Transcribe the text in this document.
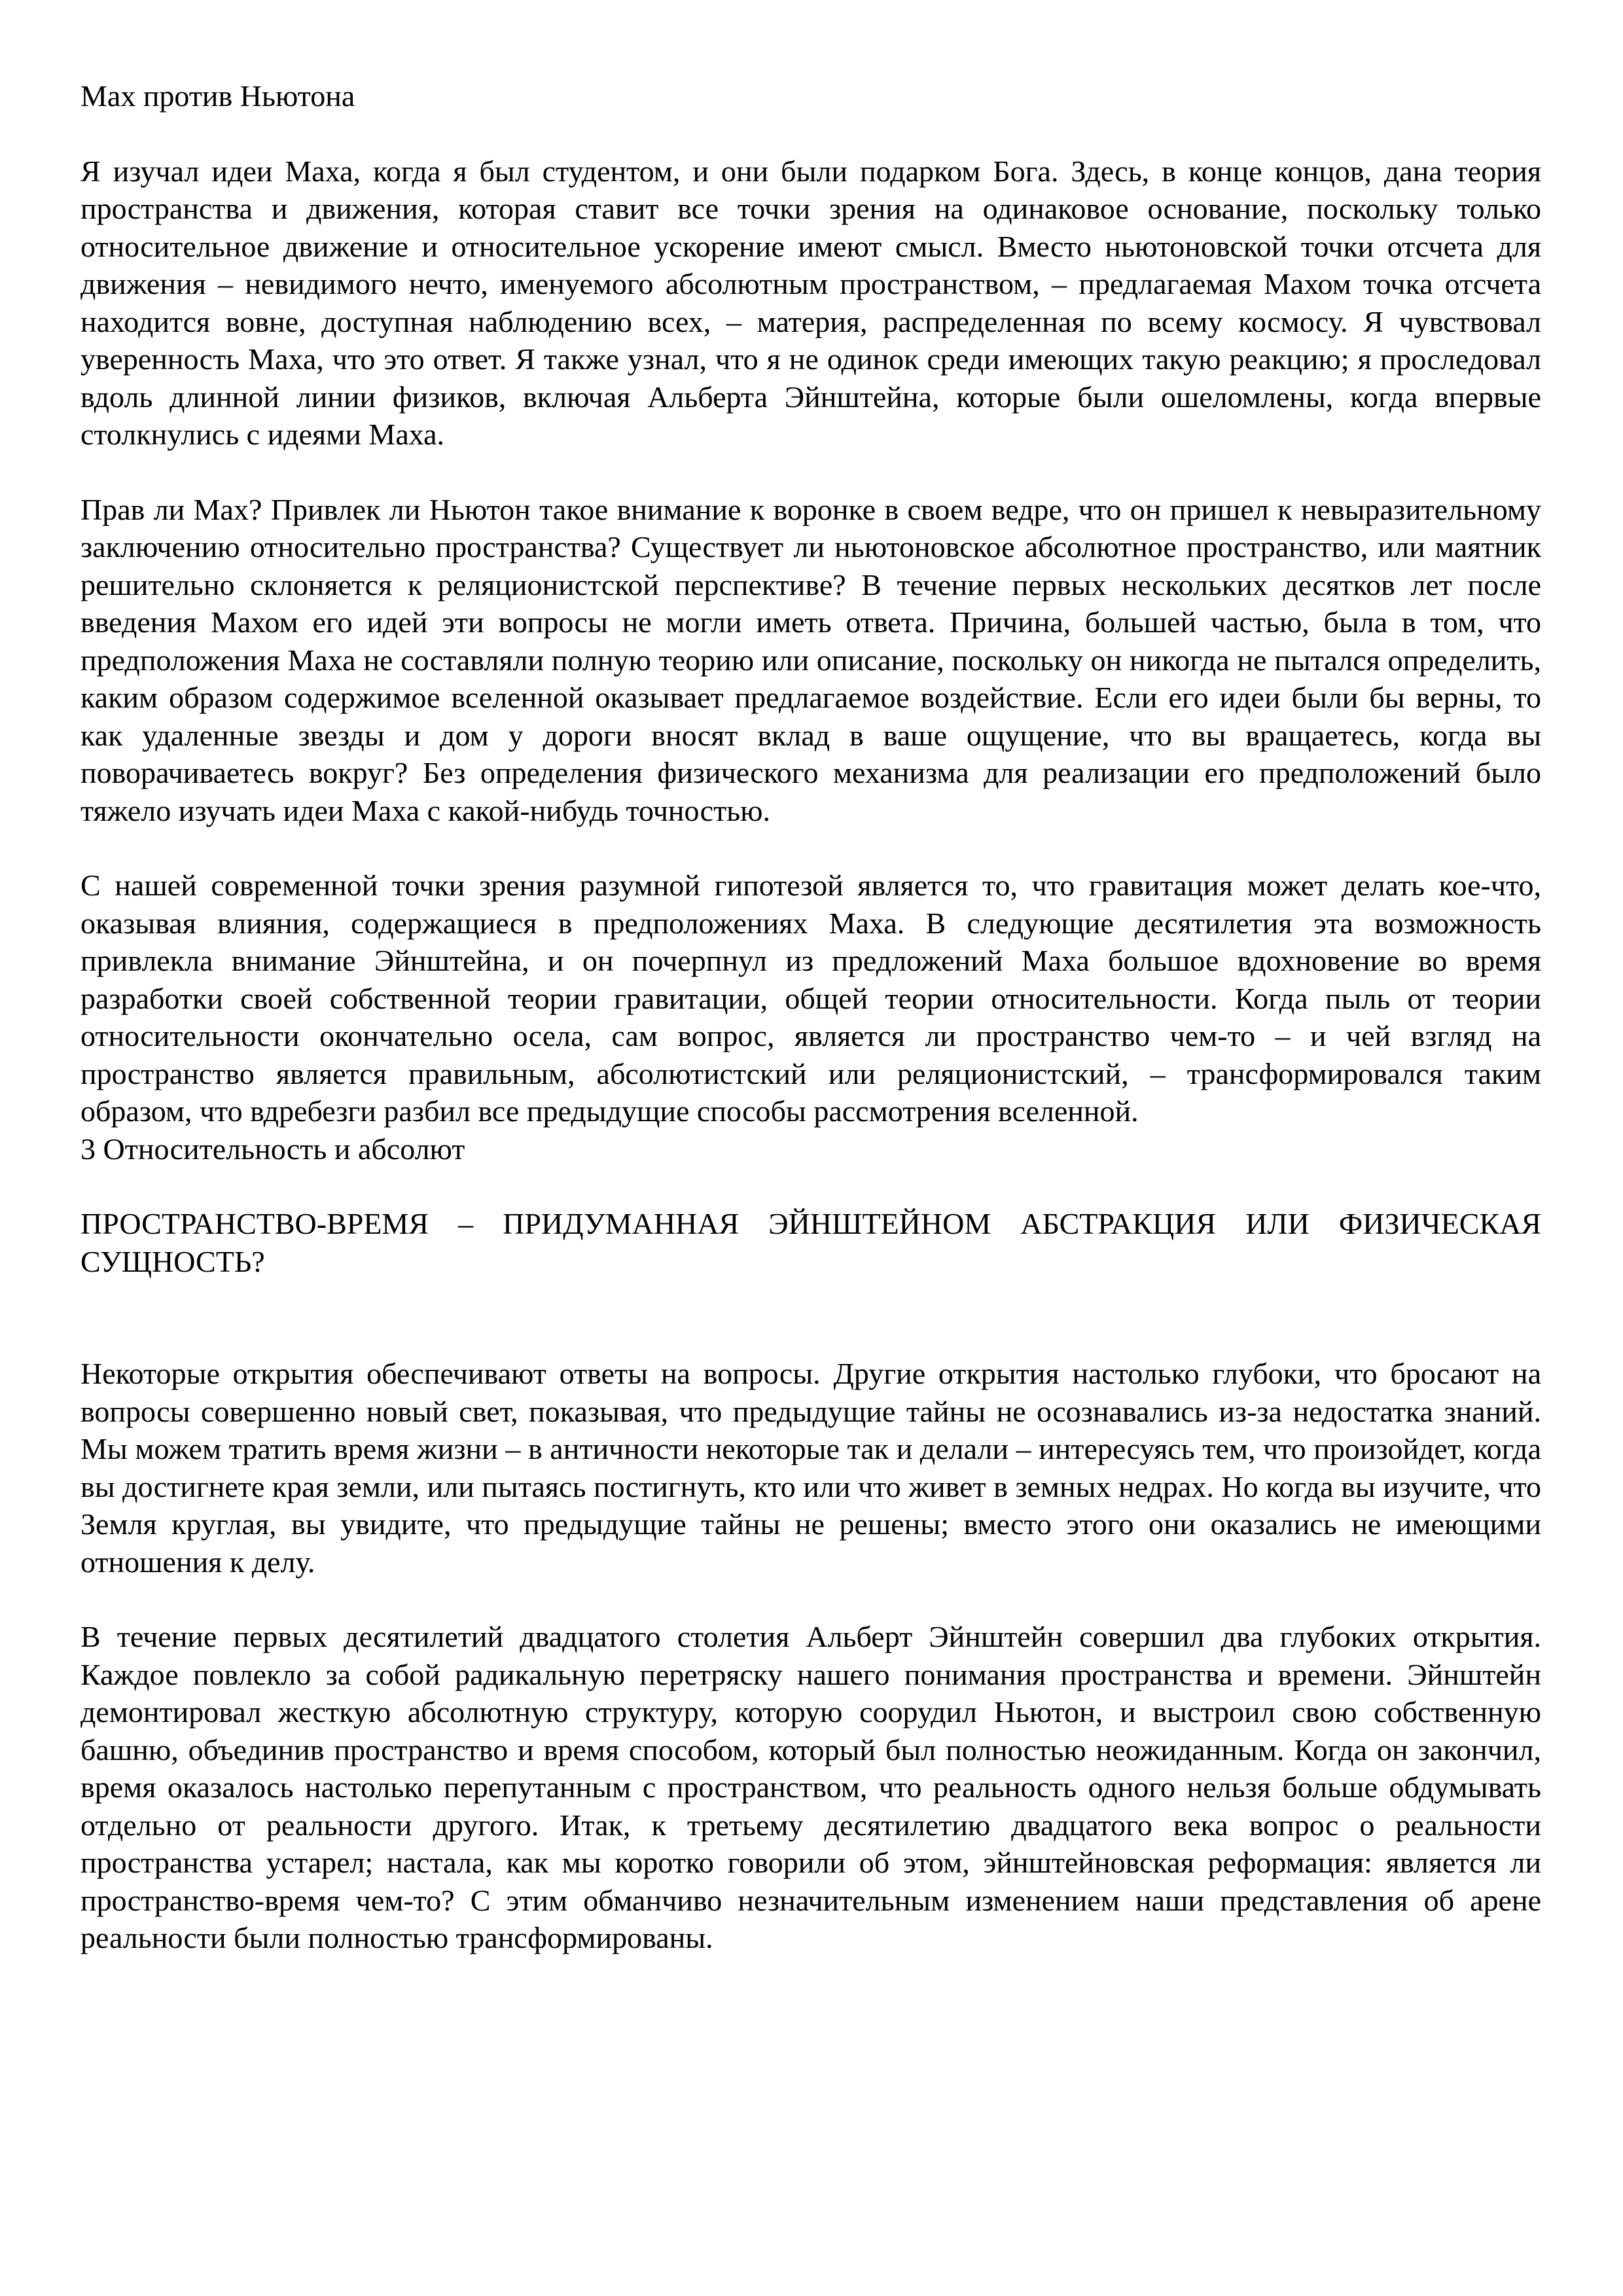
Мах против Ньютона

Я изучал идеи Маха, когда я был студентом, и они были подарком Бога. Здесь, в конце концов, дана теория пространства и движения, которая ставит все точки зрения на одинаковое основание, поскольку только относительное движение и относительное ускорение имеют смысл. Вместо ньютоновской точки отсчета для движения – невидимого нечто, именуемого абсолютным пространством, – предлагаемая Махом точка отсчета находится вовне, доступная наблюдению всех, – материя, распределенная по всему космосу. Я чувствовал уверенность Маха, что это ответ. Я также узнал, что я не одинок среди имеющих такую реакцию; я проследовал вдоль длинной линии физиков, включая Альберта Эйнштейна, которые были ошеломлены, когда впервые столкнулись с идеями Маха.

Прав ли Мах? Привлек ли Ньютон такое внимание к воронке в своем ведре, что он пришел к невыразительному заключению относительно пространства? Существует ли ньютоновское абсолютное пространство, или маятник решительно склоняется к реляционистской перспективе? В течение первых нескольких десятков лет после введения Махом его идей эти вопросы не могли иметь ответа. Причина, большей частью, была в том, что предположения Маха не составляли полную теорию или описание, поскольку он никогда не пытался определить, каким образом содержимое вселенной оказывает предлагаемое воздействие. Если его идеи были бы верны, то как удаленные звезды и дом у дороги вносят вклад в ваше ощущение, что вы вращаетесь, когда вы поворачиваетесь вокруг? Без определения физического механизма для реализации его предположений было тяжело изучать идеи Маха с какой-нибудь точностью.

С нашей современной точки зрения разумной гипотезой является то, что гравитация может делать кое-что, оказывая влияния, содержащиеся в предположениях Маха. В следующие десятилетия эта возможность привлекла внимание Эйнштейна, и он почерпнул из предложений Маха большое вдохновение во время разработки своей собственной теории гравитации, общей теории относительности. Когда пыль от теории относительности окончательно осела, сам вопрос, является ли пространство чем-то – и чей взгляд на пространство является правильным, абсолютистский или реляционистский, – трансформировался таким образом, что вдребезги разбил все предыдущие способы рассмотрения вселенной.

3 Относительность и абсолют

ПРОСТРАНСТВО-ВРЕМЯ – ПРИДУМАННАЯ ЭЙНШТЕЙНОМ АБСТРАКЦИЯ ИЛИ ФИЗИЧЕСКАЯ СУЩНОСТЬ?

Некоторые открытия обеспечивают ответы на вопросы. Другие открытия настолько глубоки, что бросают на вопросы совершенно новый свет, показывая, что предыдущие тайны не осознавались из-за недостатка знаний. Мы можем тратить время жизни – в античности некоторые так и делали – интересуясь тем, что произойдет, когда вы достигнете края земли, или пытаясь постигнуть, кто или что живет в земных недрах. Но когда вы изучите, что Земля круглая, вы увидите, что предыдущие тайны не решены; вместо этого они оказались не имеющими отношения к делу.

В течение первых десятилетий двадцатого столетия Альберт Эйнштейн совершил два глубоких открытия. Каждое повлекло за собой радикальную перетряску нашего понимания пространства и времени. Эйнштейн демонтировал жесткую абсолютную структуру, которую соорудил Ньютон, и выстроил свою собственную башню, объединив пространство и время способом, который был полностью неожиданным. Когда он закончил, время оказалось настолько перепутанным с пространством, что реальность одного нельзя больше обдумывать отдельно от реальности другого. Итак, к третьему десятилетию двадцатого века вопрос о реальности пространства устарел; настала, как мы коротко говорили об этом, эйнштейновская реформация: является ли пространство-время чем-то? С этим обманчиво незначительным изменением наши представления об арене реальности были полностью трансформированы.
